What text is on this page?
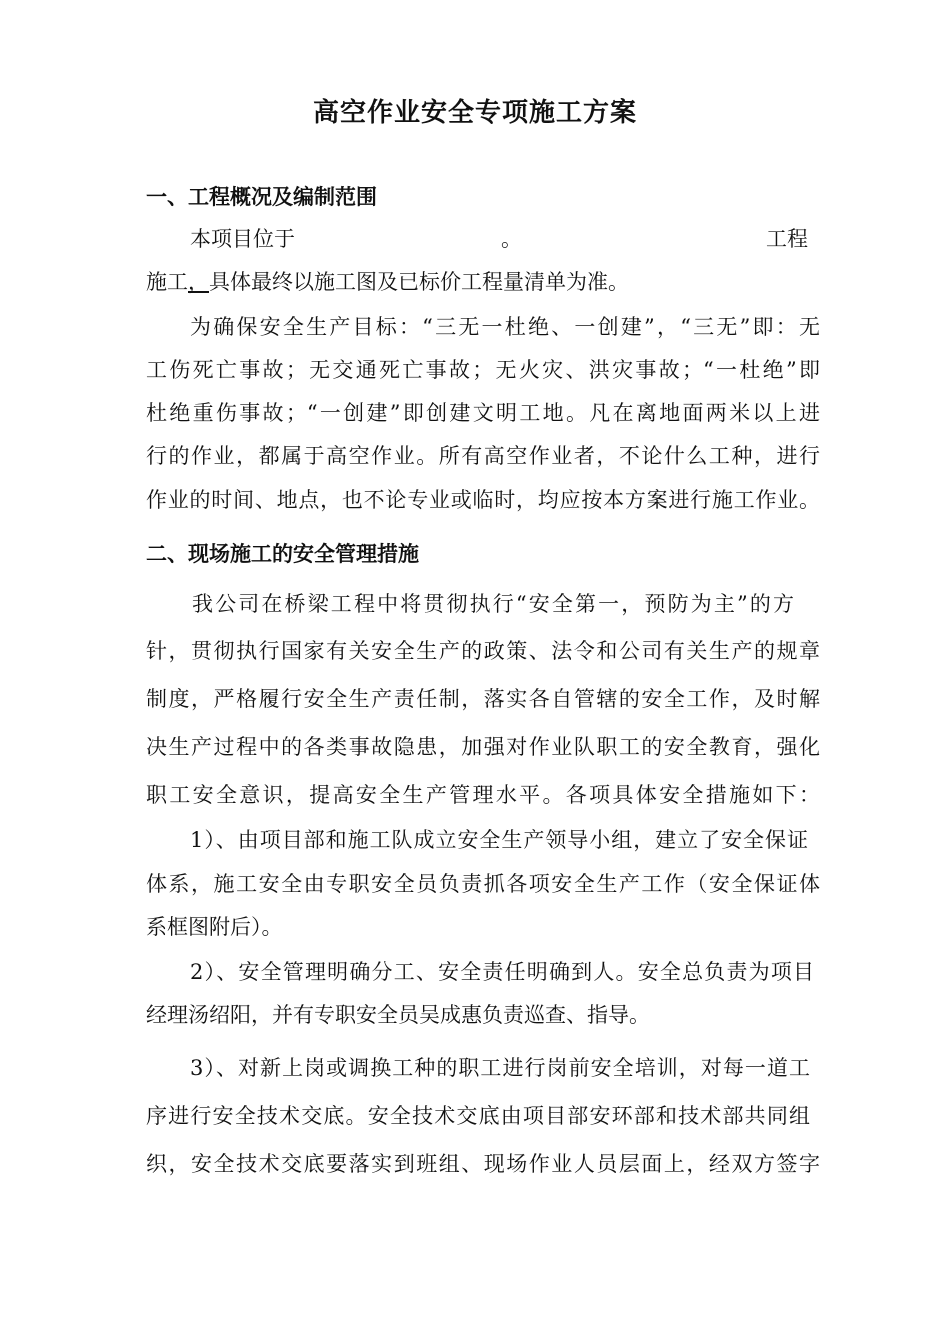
高空作业安全专项施工方案
一、工程概况及编制范围
本项目位于	。	工程
施工，具体最终以施工图及已标价工程量清单为准。
为确保安全生产目标：“三无一杜绝、一创建”，“三无”即：无
工伤死亡事故；无交通死亡事故；无火灾、洪灾事故；“一杜绝”即
杜绝重伤事故；“一创建”即创建文明工地。凡在离地面两米以上进
行的作业，都属于高空作业。所有高空作业者，不论什么工种，进行
作业的时间、地点，也不论专业或临时，均应按本方案进行施工作业。
二、现场施工的安全管理措施
我公司在桥梁工程中将贯彻执行“安全第一，预防为主”的方
针，贯彻执行国家有关安全生产的政策、法令和公司有关生产的规章
制度，严格履行安全生产责任制，落实各自管辖的安全工作，及时解
决生产过程中的各类事故隐患，加强对作业队职工的安全教育，强化
职工安全意识，提高安全生产管理水平。各项具体安全措施如下：
1）、由项目部和施工队成立安全生产领导小组，建立了安全保证
体系，施工安全由专职安全员负责抓各项安全生产工作（安全保证体
系框图附后）。
2）、安全管理明确分工、安全责任明确到人。安全总负责为项目
经理汤绍阳，并有专职安全员吴成惠负责巡查、指导。
3）、对新上岗或调换工种的职工进行岗前安全培训，对每一道工
序进行安全技术交底。安全技术交底由项目部安环部和技术部共同组
织，安全技术交底要落实到班组、现场作业人员层面上，经双方签字
